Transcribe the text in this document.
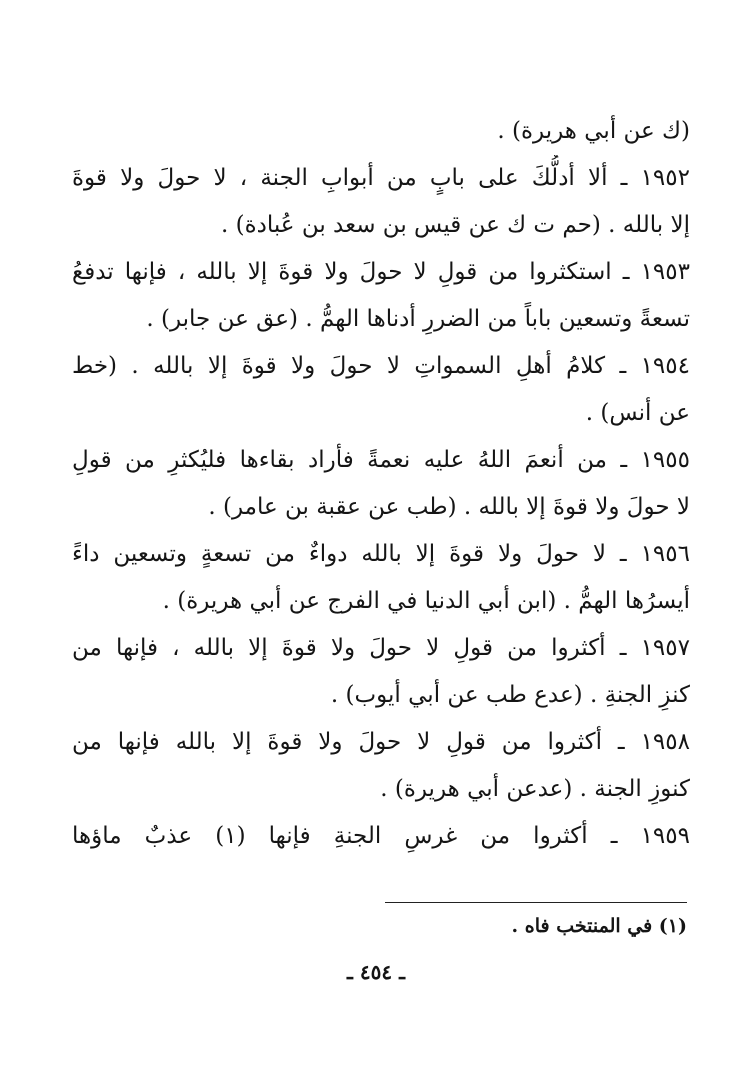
(ك عن أبي هريرة) .
١٩٥٢ ـ ألا أدلُّكَ على بابٍ من أبوابِ الجنة ، لا حولَ ولا قوةَ
إلا بالله . (حم ت ك عن قيس بن سعد بن عُبادة) .
١٩٥٣ ـ استكثروا من قولِ لا حولَ ولا قوةَ إلا بالله ، فإنها تدفعُ
تسعةً وتسعين باباً من الضررِ أدناها الهمُّ . (عق عن جابر) .
١٩٥٤ ـ كلامُ أهلِ السمواتِ لا حولَ ولا قوةَ إلا بالله . (خط
عن أنس) .
١٩٥٥ ـ من أنعمَ اللهُ عليه نعمةً فأراد بقاءها فليُكثرِ من قولِ
لا حولَ ولا قوةَ إلا بالله . (طب عن عقبة بن عامر) .
١٩٥٦ ـ لا حولَ ولا قوةَ إلا بالله دواءٌ من تسعةٍ وتسعين داءً
أيسرُها الهمُّ . (ابن أبي الدنيا في الفرج عن أبي هريرة) .
١٩٥٧ ـ أكثروا من قولِ لا حولَ ولا قوةَ إلا بالله ، فإنها من
كنزِ الجنةِ . (عدع طب عن أبي أيوب) .
١٩٥٨ ـ أكثروا من قولِ لا حولَ ولا قوةَ إلا بالله فإنها من
كنوزِ الجنة . (عدعن أبي هريرة) .
١٩٥٩ ـ أكثروا من غرسِ الجنةِ فإنها (١) عذبٌ ماؤها
(١) في المنتخب فاه .
ـ ٤٥٤ ـ
